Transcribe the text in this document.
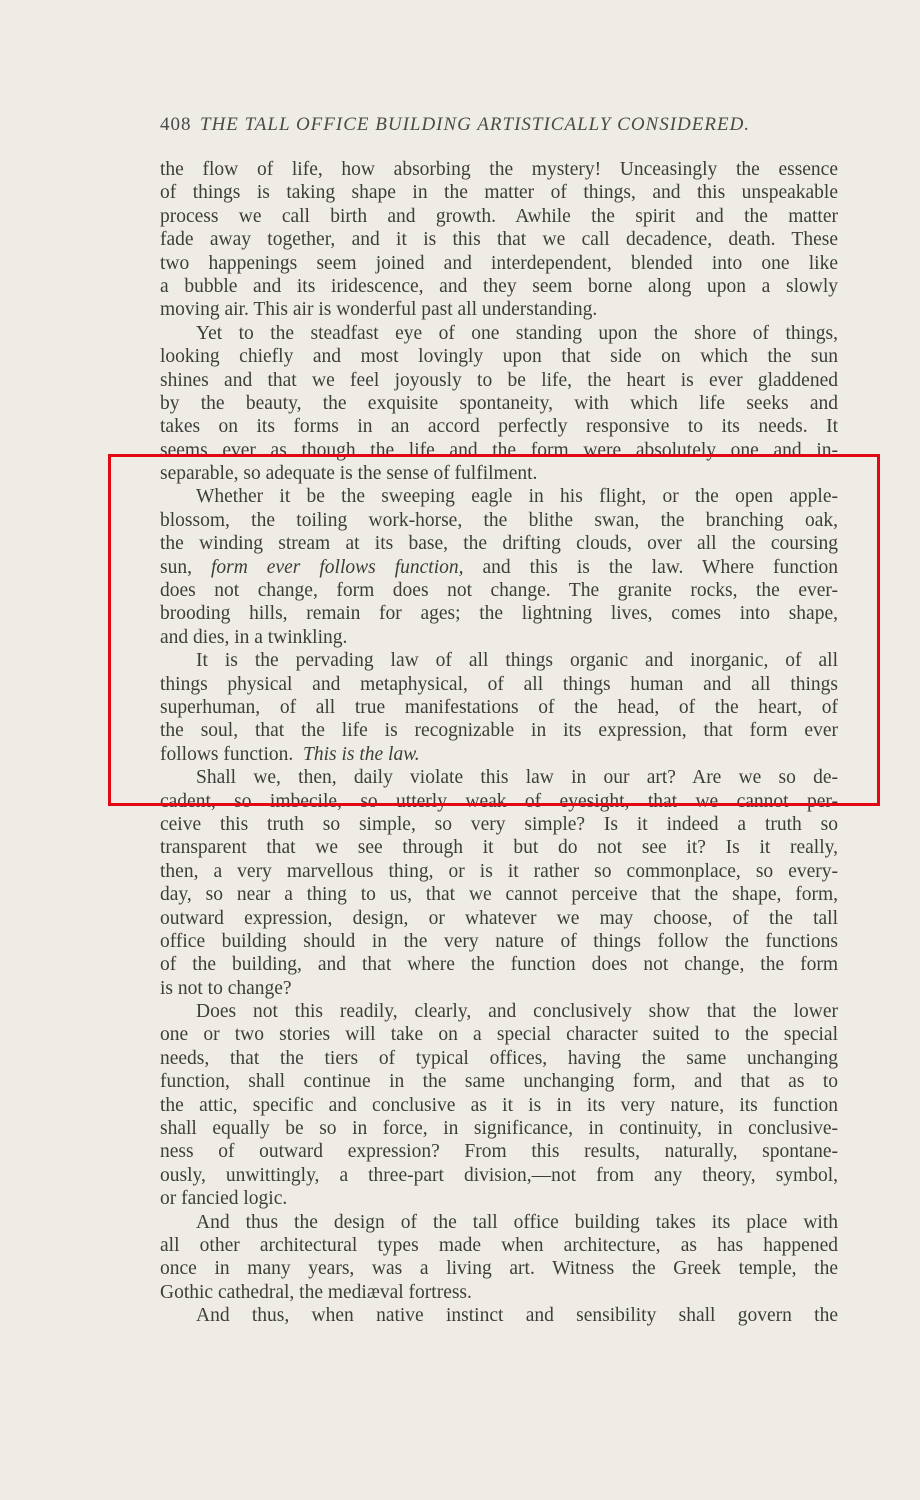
408 THE TALL OFFICE BUILDING ARTISTICALLY CONSIDERED.
the flow of life, how absorbing the mystery! Unceasingly the essence
of things is taking shape in the matter of things, and this unspeakable
process we call birth and growth. Awhile the spirit and the matter
fade away together, and it is this that we call decadence, death. These
two happenings seem joined and interdependent, blended into one like
a bubble and its iridescence, and they seem borne along upon a slowly
moving air. This air is wonderful past all understanding.
Yet to the steadfast eye of one standing upon the shore of things,
looking chiefly and most lovingly upon that side on which the sun
shines and that we feel joyously to be life, the heart is ever gladdened
by the beauty, the exquisite spontaneity, with which life seeks and
takes on its forms in an accord perfectly responsive to its needs. It
seems ever as though the life and the form were absolutely one and in-
separable, so adequate is the sense of fulfilment.
Whether it be the sweeping eagle in his flight, or the open apple-
blossom, the toiling work-horse, the blithe swan, the branching oak,
the winding stream at its base, the drifting clouds, over all the coursing
sun, form ever follows function, and this is the law. Where function
does not change, form does not change. The granite rocks, the ever-
brooding hills, remain for ages; the lightning lives, comes into shape,
and dies, in a twinkling.
It is the pervading law of all things organic and inorganic, of all
things physical and metaphysical, of all things human and all things
superhuman, of all true manifestations of the head, of the heart, of
the soul, that the life is recognizable in its expression, that form ever
follows function. This is the law.
Shall we, then, daily violate this law in our art? Are we so de-
cadent, so imbecile, so utterly weak of eyesight, that we cannot per-
ceive this truth so simple, so very simple? Is it indeed a truth so
transparent that we see through it but do not see it? Is it really,
then, a very marvellous thing, or is it rather so commonplace, so every-
day, so near a thing to us, that we cannot perceive that the shape, form,
outward expression, design, or whatever we may choose, of the tall
office building should in the very nature of things follow the functions
of the building, and that where the function does not change, the form
is not to change?
Does not this readily, clearly, and conclusively show that the lower
one or two stories will take on a special character suited to the special
needs, that the tiers of typical offices, having the same unchanging
function, shall continue in the same unchanging form, and that as to
the attic, specific and conclusive as it is in its very nature, its function
shall equally be so in force, in significance, in continuity, in conclusive-
ness of outward expression? From this results, naturally, spontane-
ously, unwittingly, a three-part division,—not from any theory, symbol,
or fancied logic.
And thus the design of the tall office building takes its place with
all other architectural types made when architecture, as has happened
once in many years, was a living art. Witness the Greek temple, the
Gothic cathedral, the mediæval fortress.
And thus, when native instinct and sensibility shall govern the
